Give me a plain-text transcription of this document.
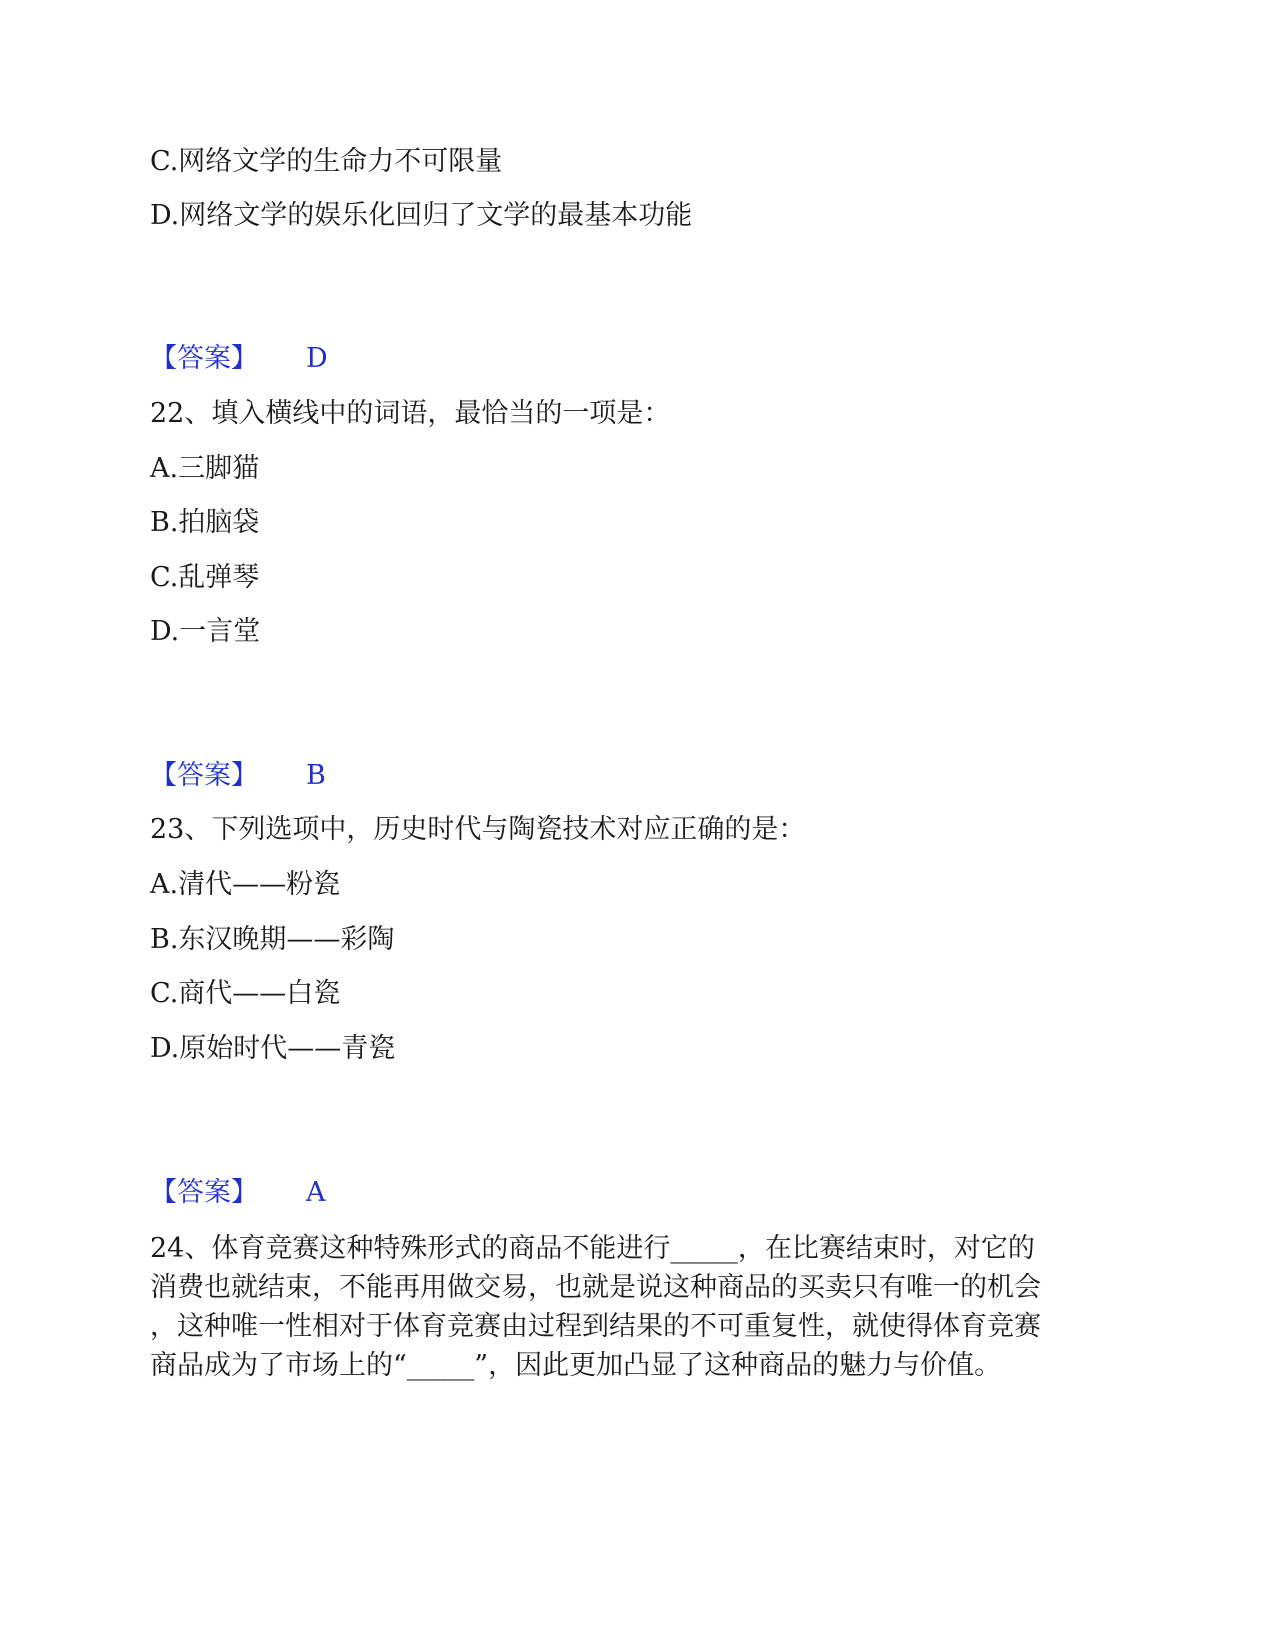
C.网络文学的生命力不可限量
D.网络文学的娱乐化回归了文学的最基本功能
【答案】 D
22、填入横线中的词语，最恰当的一项是：
A.三脚猫
B.拍脑袋
C.乱弹琴
D.一言堂
【答案】 B
23、下列选项中，历史时代与陶瓷技术对应正确的是：
A.清代——粉瓷
B.东汉晚期——彩陶
C.商代——白瓷
D.原始时代——青瓷
【答案】 A
24、体育竞赛这种特殊形式的商品不能进行_____，在比赛结束时，对它的
消费也就结束，不能再用做交易，也就是说这种商品的买卖只有唯一的机会
，这种唯一性相对于体育竞赛由过程到结果的不可重复性，就使得体育竞赛
商品成为了市场上的“_____”，因此更加凸显了这种商品的魅力与价值。
